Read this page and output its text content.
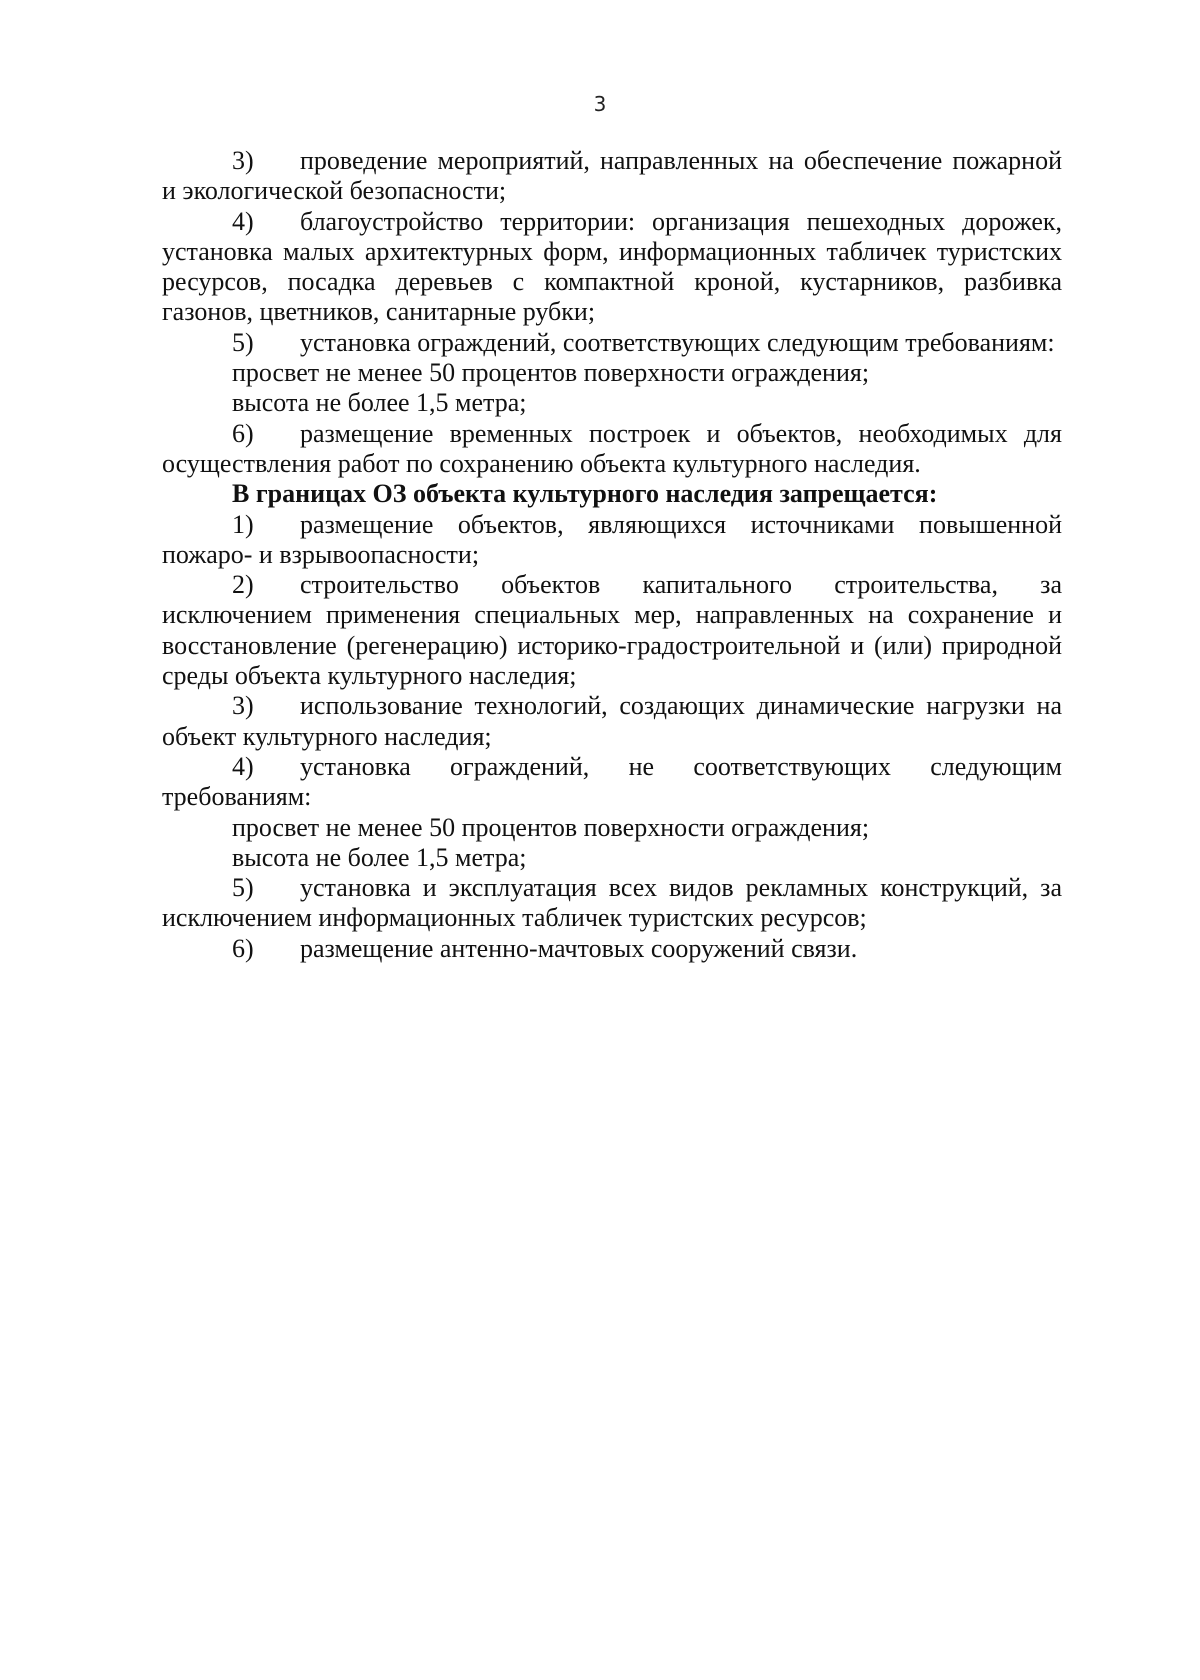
3

3) проведение мероприятий, направленных на обеспечение пожарной и экологической безопасности;

4) благоустройство территории: организация пешеходных дорожек, установка малых архитектурных форм, информационных табличек туристских ресурсов, посадка деревьев с компактной кроной, кустарников, разбивка газонов, цветников, санитарные рубки;

5) установка ограждений, соответствующих следующим требованиям:

просвет не менее 50 процентов поверхности ограждения;

высота не более 1,5 метра;

6) размещение временных построек и объектов, необходимых для осуществления работ по сохранению объекта культурного наследия.

В границах ОЗ объекта культурного наследия запрещается:

1) размещение объектов, являющихся источниками повышенной пожаро- и взрывоопасности;

2) строительство объектов капитального строительства, за исключением применения специальных мер, направленных на сохранение и восстановление (регенерацию) историко-градостроительной и (или) природной среды объекта культурного наследия;

3) использование технологий, создающих динамические нагрузки на объект культурного наследия;

4) установка ограждений, не соответствующих следующим требованиям:

просвет не менее 50 процентов поверхности ограждения;

высота не более 1,5 метра;

5) установка и эксплуатация всех видов рекламных конструкций, за исключением информационных табличек туристских ресурсов;

6) размещение антенно-мачтовых сооружений связи.
